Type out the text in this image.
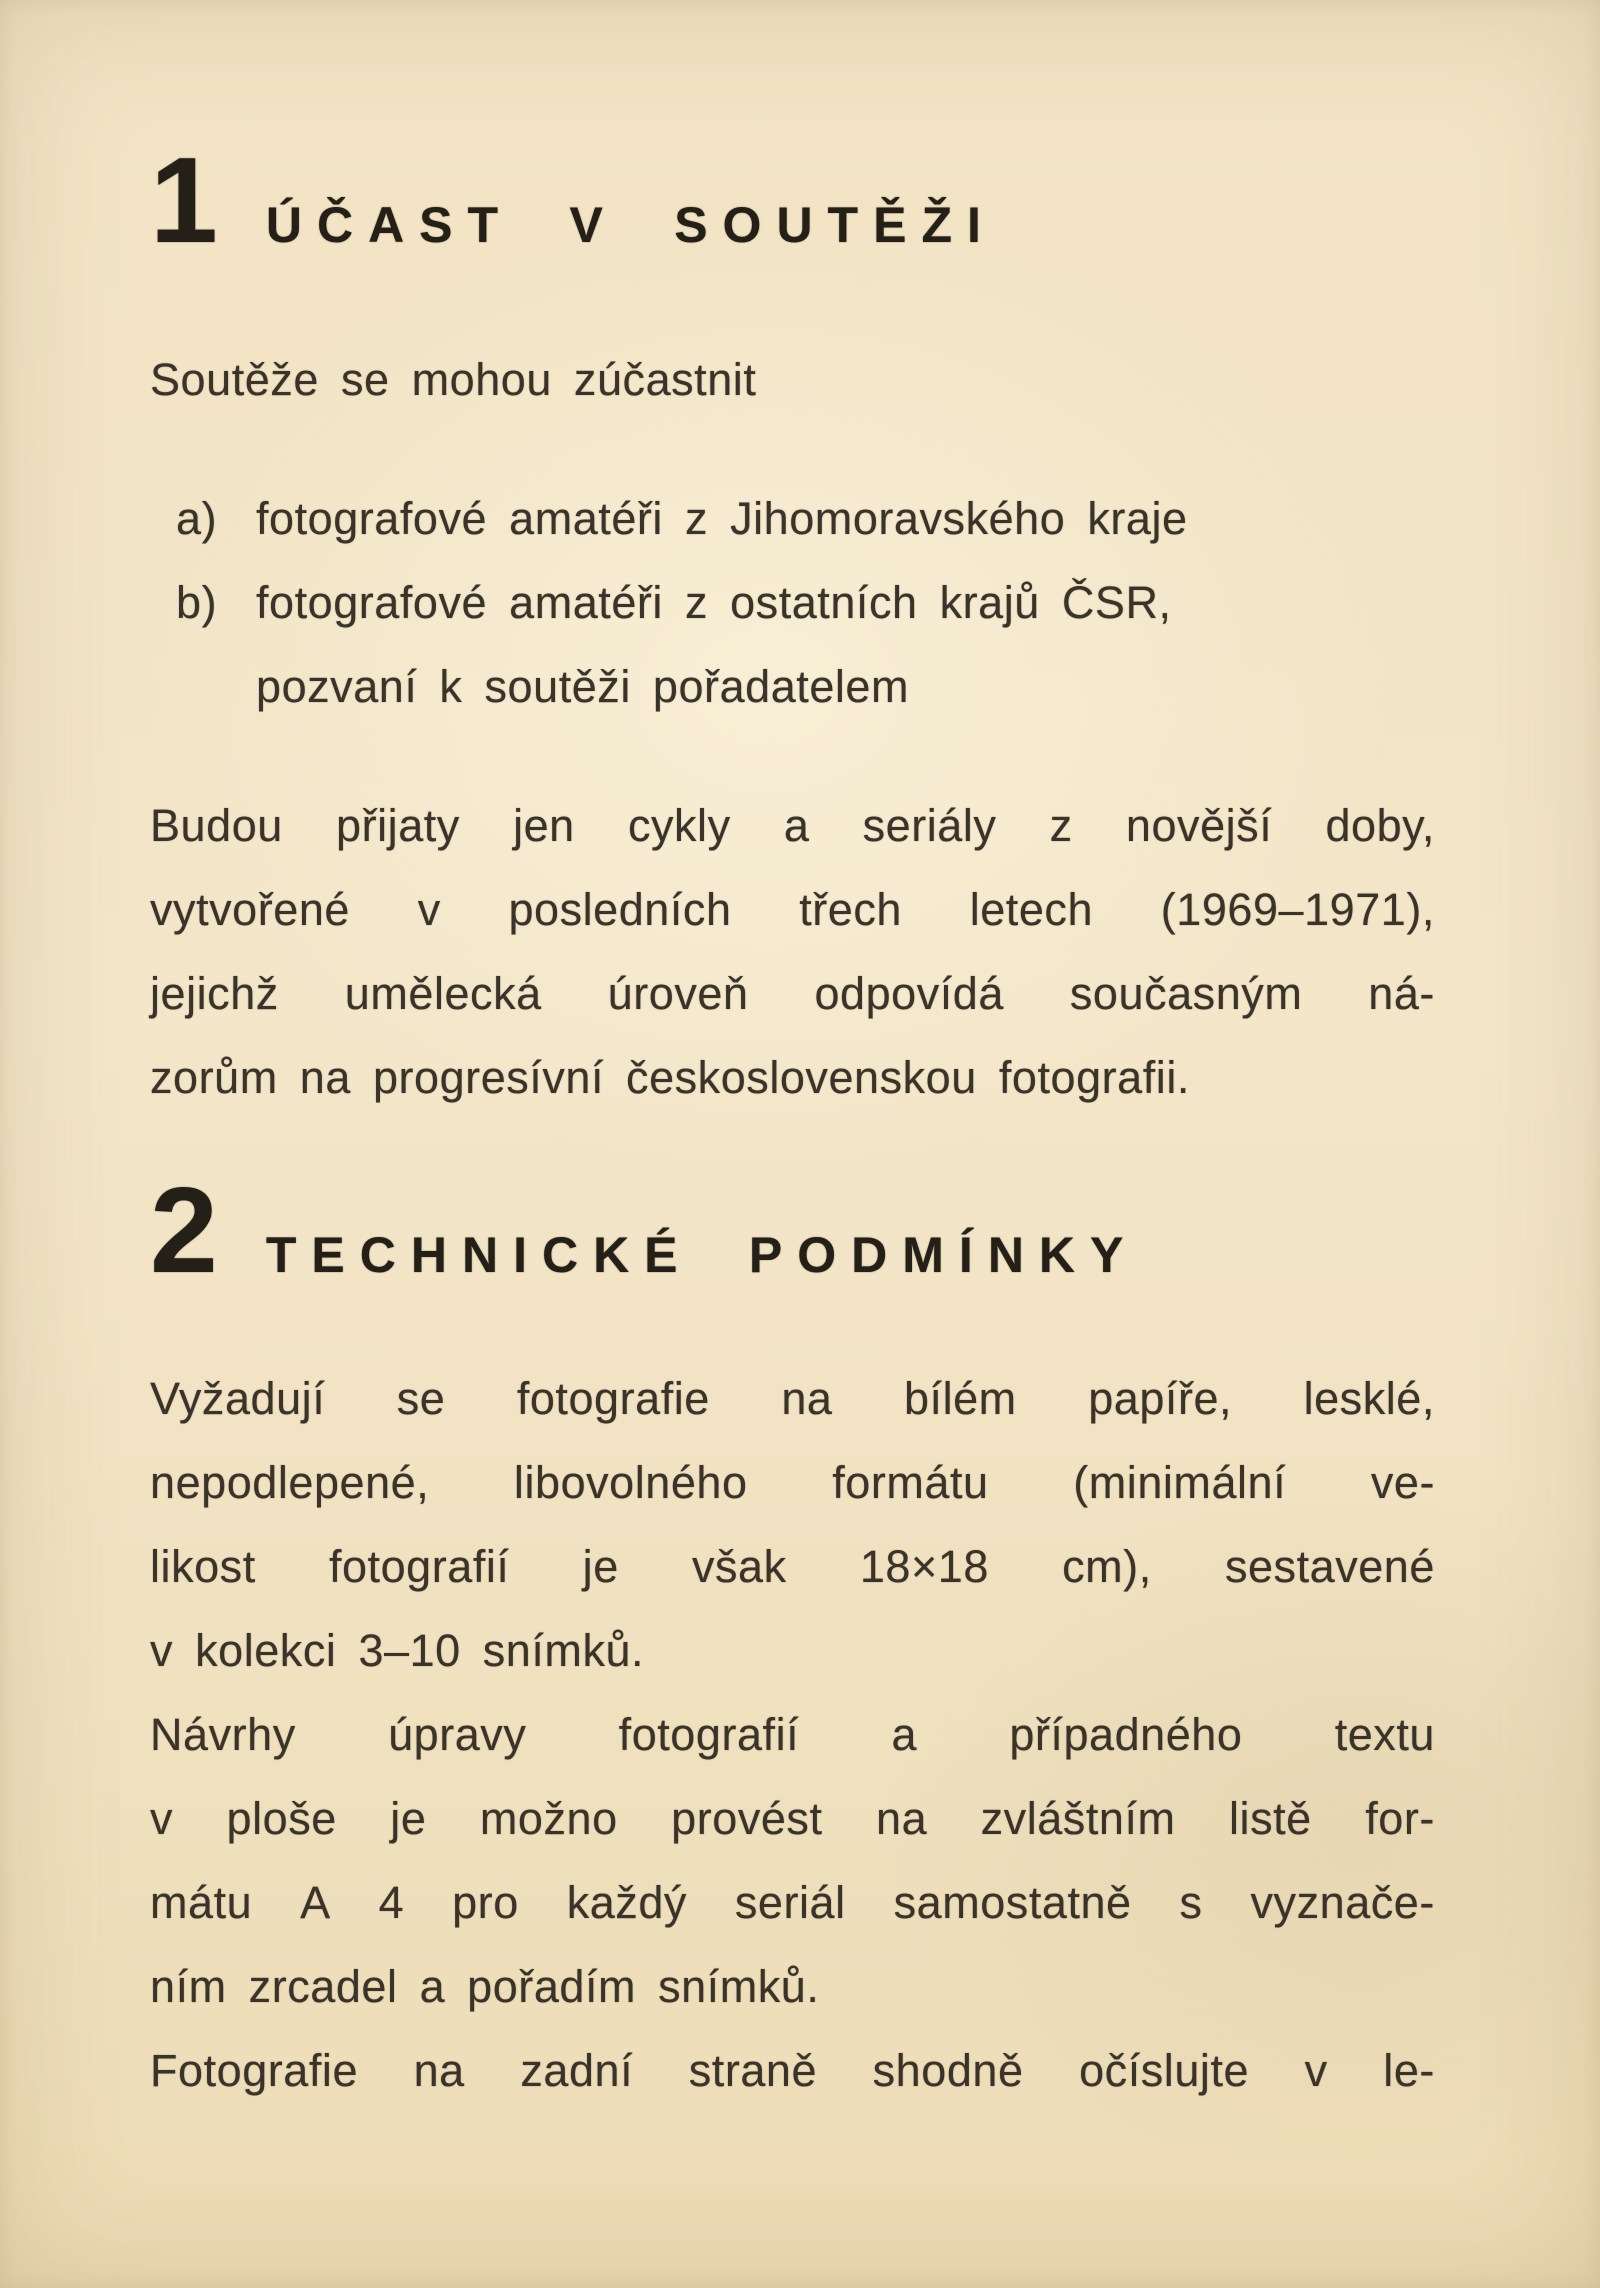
1 ÚČAST V SOUTĚŽI
Soutěže se mohou zúčastnit
a) fotografové amatéři z Jihomoravského kraje
b) fotografové amatéři z ostatních krajů ČSR,
pozvaní k soutěži pořadatelem
Budou přijaty jen cykly a seriály z novější doby,
vytvořené v posledních třech letech (1969–1971),
jejichž umělecká úroveň odpovídá současným ná-
zorům na progresívní československou fotografii.
2 TECHNICKÉ PODMÍNKY
Vyžadují se fotografie na bílém papíře, lesklé,
nepodlepené, libovolného formátu (minimální ve-
likost fotografií je však 18×18 cm), sestavené
v kolekci 3–10 snímků.
Návrhy úpravy fotografií a případného textu
v ploše je možno provést na zvláštním listě for-
mátu A 4 pro každý seriál samostatně s vyznače-
ním zrcadel a pořadím snímků.
Fotografie na zadní straně shodně očíslujte v le-
